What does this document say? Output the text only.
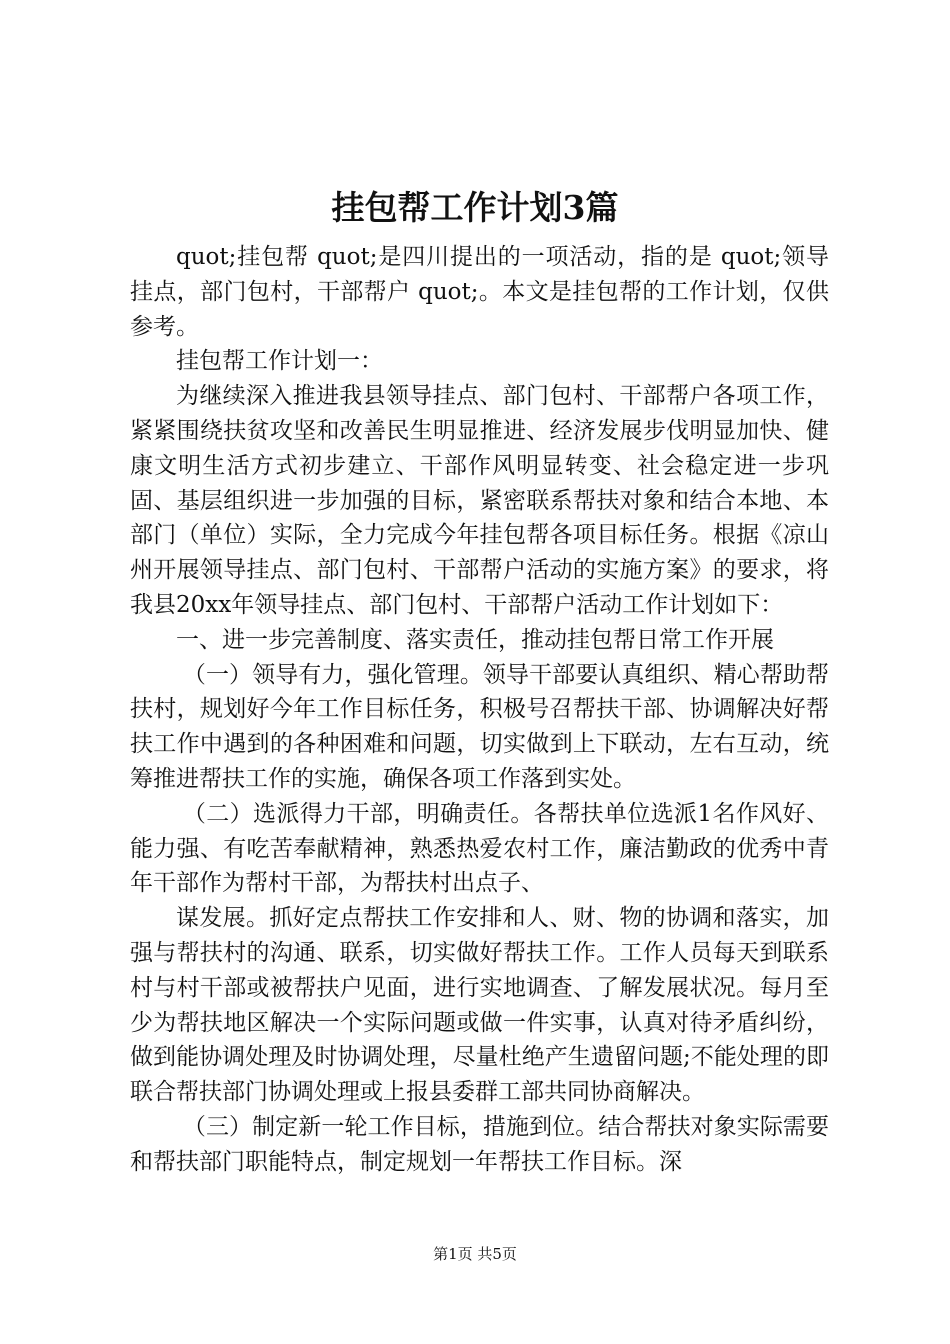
挂包帮工作计划3篇

quot;挂包帮 quot;是四川提出的一项活动，指的是 quot;领导挂点，部门包村，干部帮户 quot;。本文是挂包帮的工作计划，仅供参考。

挂包帮工作计划一：

为继续深入推进我县领导挂点、部门包村、干部帮户各项工作，紧紧围绕扶贫攻坚和改善民生明显推进、经济发展步伐明显加快、健康文明生活方式初步建立、干部作风明显转变、社会稳定进一步巩固、基层组织进一步加强的目标，紧密联系帮扶对象和结合本地、本部门（单位）实际，全力完成今年挂包帮各项目标任务。根据《凉山州开展领导挂点、部门包村、干部帮户活动的实施方案》的要求，将我县20xx年领导挂点、部门包村、干部帮户活动工作计划如下：

一、进一步完善制度、落实责任，推动挂包帮日常工作开展

（一）领导有力，强化管理。领导干部要认真组织、精心帮助帮扶村，规划好今年工作目标任务，积极号召帮扶干部、协调解决好帮扶工作中遇到的各种困难和问题，切实做到上下联动，左右互动，统筹推进帮扶工作的实施，确保各项工作落到实处。

（二）选派得力干部，明确责任。各帮扶单位选派1名作风好、能力强、有吃苦奉献精神，熟悉热爱农村工作，廉洁勤政的优秀中青年干部作为帮村干部，为帮扶村出点子、

谋发展。抓好定点帮扶工作安排和人、财、物的协调和落实，加强与帮扶村的沟通、联系，切实做好帮扶工作。工作人员每天到联系村与村干部或被帮扶户见面，进行实地调查、了解发展状况。每月至少为帮扶地区解决一个实际问题或做一件实事，认真对待矛盾纠纷，做到能协调处理及时协调处理，尽量杜绝产生遗留问题;不能处理的即联合帮扶部门协调处理或上报县委群工部共同协商解决。

（三）制定新一轮工作目标，措施到位。结合帮扶对象实际需要和帮扶部门职能特点，制定规划一年帮扶工作目标。深

第1页 共5页
